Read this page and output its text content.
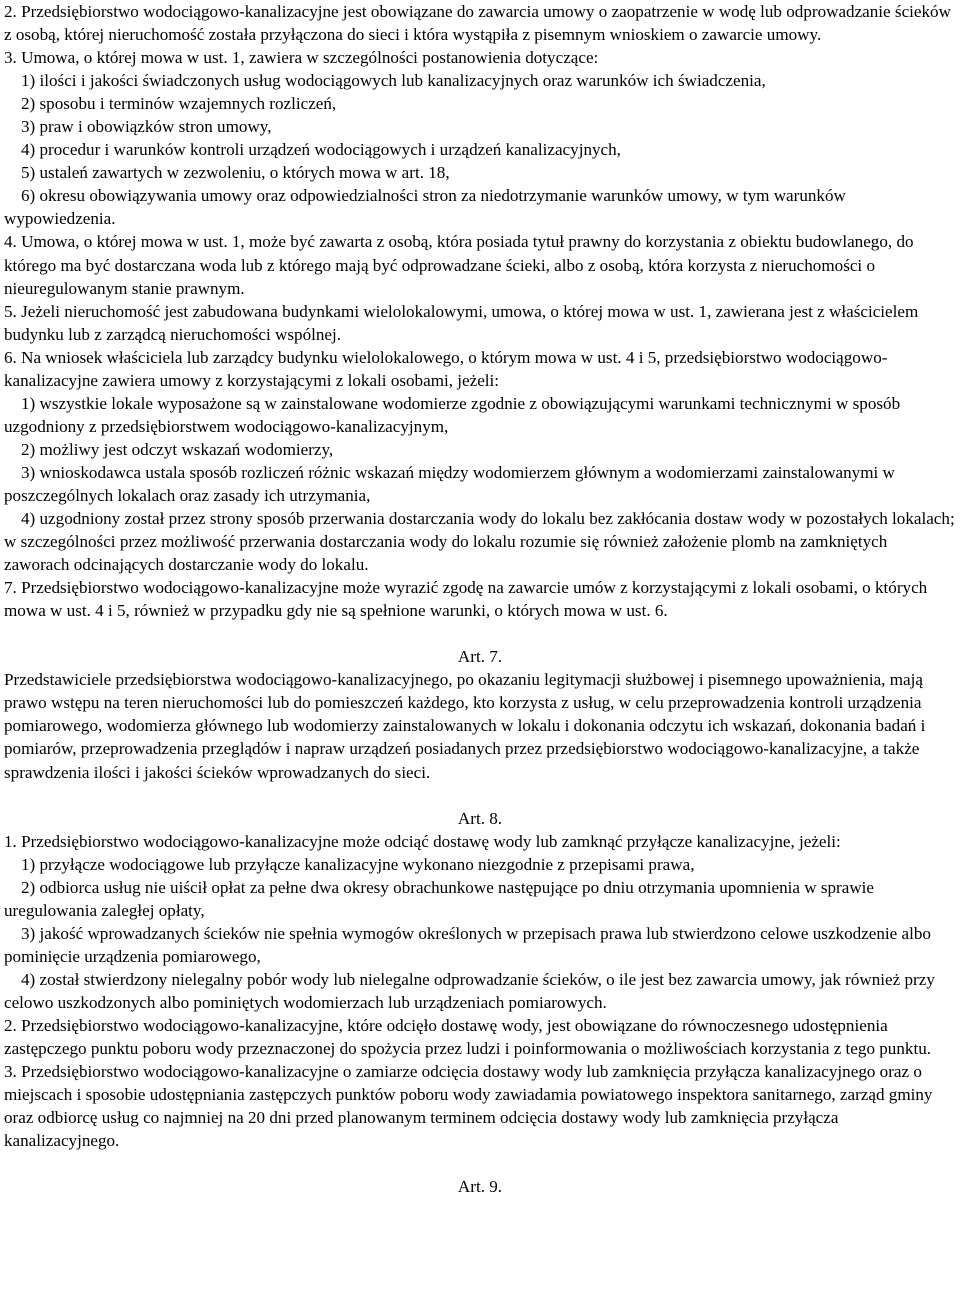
2. Przedsiębiorstwo wodociągowo-kanalizacyjne jest obowiązane do zawarcia umowy o zaopatrzenie w wodę lub odprowadzanie ścieków z osobą, której nieruchomość została przyłączona do sieci i która wystąpiła z pisemnym wnioskiem o zawarcie umowy.

3. Umowa, o której mowa w ust. 1, zawiera w szczególności postanowienia dotyczące:

1) ilości i jakości świadczonych usług wodociągowych lub kanalizacyjnych oraz warunków ich świadczenia,

2) sposobu i terminów wzajemnych rozliczeń,

3) praw i obowiązków stron umowy,

4) procedur i warunków kontroli urządzeń wodociągowych i urządzeń kanalizacyjnych,

5) ustaleń zawartych w zezwoleniu, o których mowa w art. 18,

6) okresu obowiązywania umowy oraz odpowiedzialności stron za niedotrzymanie warunków umowy, w tym warunków wypowiedzenia.

4. Umowa, o której mowa w ust. 1, może być zawarta z osobą, która posiada tytuł prawny do korzystania z obiektu budowlanego, do którego ma być dostarczana woda lub z którego mają być odprowadzane ścieki, albo z osobą, która korzysta z nieruchomości o nieuregulowanym stanie prawnym.

5. Jeżeli nieruchomość jest zabudowana budynkami wielolokalowymi, umowa, o której mowa w ust. 1, zawierana jest z właścicielem budynku lub z zarządcą nieruchomości wspólnej.

6. Na wniosek właściciela lub zarządcy budynku wielolokalowego, o którym mowa w ust. 4 i 5, przedsiębiorstwo wodociągowo-kanalizacyjne zawiera umowy z korzystającymi z lokali osobami, jeżeli:

1) wszystkie lokale wyposażone są w zainstalowane wodomierze zgodnie z obowiązującymi warunkami technicznymi w sposób uzgodniony z przedsiębiorstwem wodociągowo-kanalizacyjnym,

2) możliwy jest odczyt wskazań wodomierzy,

3) wnioskodawca ustala sposób rozliczeń różnic wskazań między wodomierzem głównym a wodomierzami zainstalowanymi w poszczególnych lokalach oraz zasady ich utrzymania,

4) uzgodniony został przez strony sposób przerwania dostarczania wody do lokalu bez zakłócania dostaw wody w pozostałych lokalach; w szczególności przez możliwość przerwania dostarczania wody do lokalu rozumie się również założenie plomb na zamkniętych zaworach odcinających dostarczanie wody do lokalu.

7. Przedsiębiorstwo wodociągowo-kanalizacyjne może wyrazić zgodę na zawarcie umów z korzystającymi z lokali osobami, o których mowa w ust. 4 i 5, również w przypadku gdy nie są spełnione warunki, o których mowa w ust. 6.

Art. 7.

Przedstawiciele przedsiębiorstwa wodociągowo-kanalizacyjnego, po okazaniu legitymacji służbowej i pisemnego upoważnienia, mają prawo wstępu na teren nieruchomości lub do pomieszczeń każdego, kto korzysta z usług, w celu przeprowadzenia kontroli urządzenia pomiarowego, wodomierza głównego lub wodomierzy zainstalowanych w lokalu i dokonania odczytu ich wskazań, dokonania badań i pomiarów, przeprowadzenia przeglądów i napraw urządzeń posiadanych przez przedsiębiorstwo wodociągowo-kanalizacyjne, a także sprawdzenia ilości i jakości ścieków wprowadzanych do sieci.

Art. 8.

1. Przedsiębiorstwo wodociągowo-kanalizacyjne może odciąć dostawę wody lub zamknąć przyłącze kanalizacyjne, jeżeli:

1) przyłącze wodociągowe lub przyłącze kanalizacyjne wykonano niezgodnie z przepisami prawa,

2) odbiorca usług nie uiścił opłat za pełne dwa okresy obrachunkowe następujące po dniu otrzymania upomnienia w sprawie uregulowania zaległej opłaty,

3) jakość wprowadzanych ścieków nie spełnia wymogów określonych w przepisach prawa lub stwierdzono celowe uszkodzenie albo pominięcie urządzenia pomiarowego,

4) został stwierdzony nielegalny pobór wody lub nielegalne odprowadzanie ścieków, o ile jest bez zawarcia umowy, jak również przy celowo uszkodzonych albo pominiętych wodomierzach lub urządzeniach pomiarowych.

2. Przedsiębiorstwo wodociągowo-kanalizacyjne, które odcięło dostawę wody, jest obowiązane do równoczesnego udostępnienia zastępczego punktu poboru wody przeznaczonej do spożycia przez ludzi i poinformowania o możliwościach korzystania z tego punktu.

3. Przedsiębiorstwo wodociągowo-kanalizacyjne o zamiarze odcięcia dostawy wody lub zamknięcia przyłącza kanalizacyjnego oraz o miejscach i sposobie udostępniania zastępczych punktów poboru wody zawiadamia powiatowego inspektora sanitarnego, zarząd gminy oraz odbiorcę usług co najmniej na 20 dni przed planowanym terminem odcięcia dostawy wody lub zamknięcia przyłącza kanalizacyjnego.

Art. 9.
